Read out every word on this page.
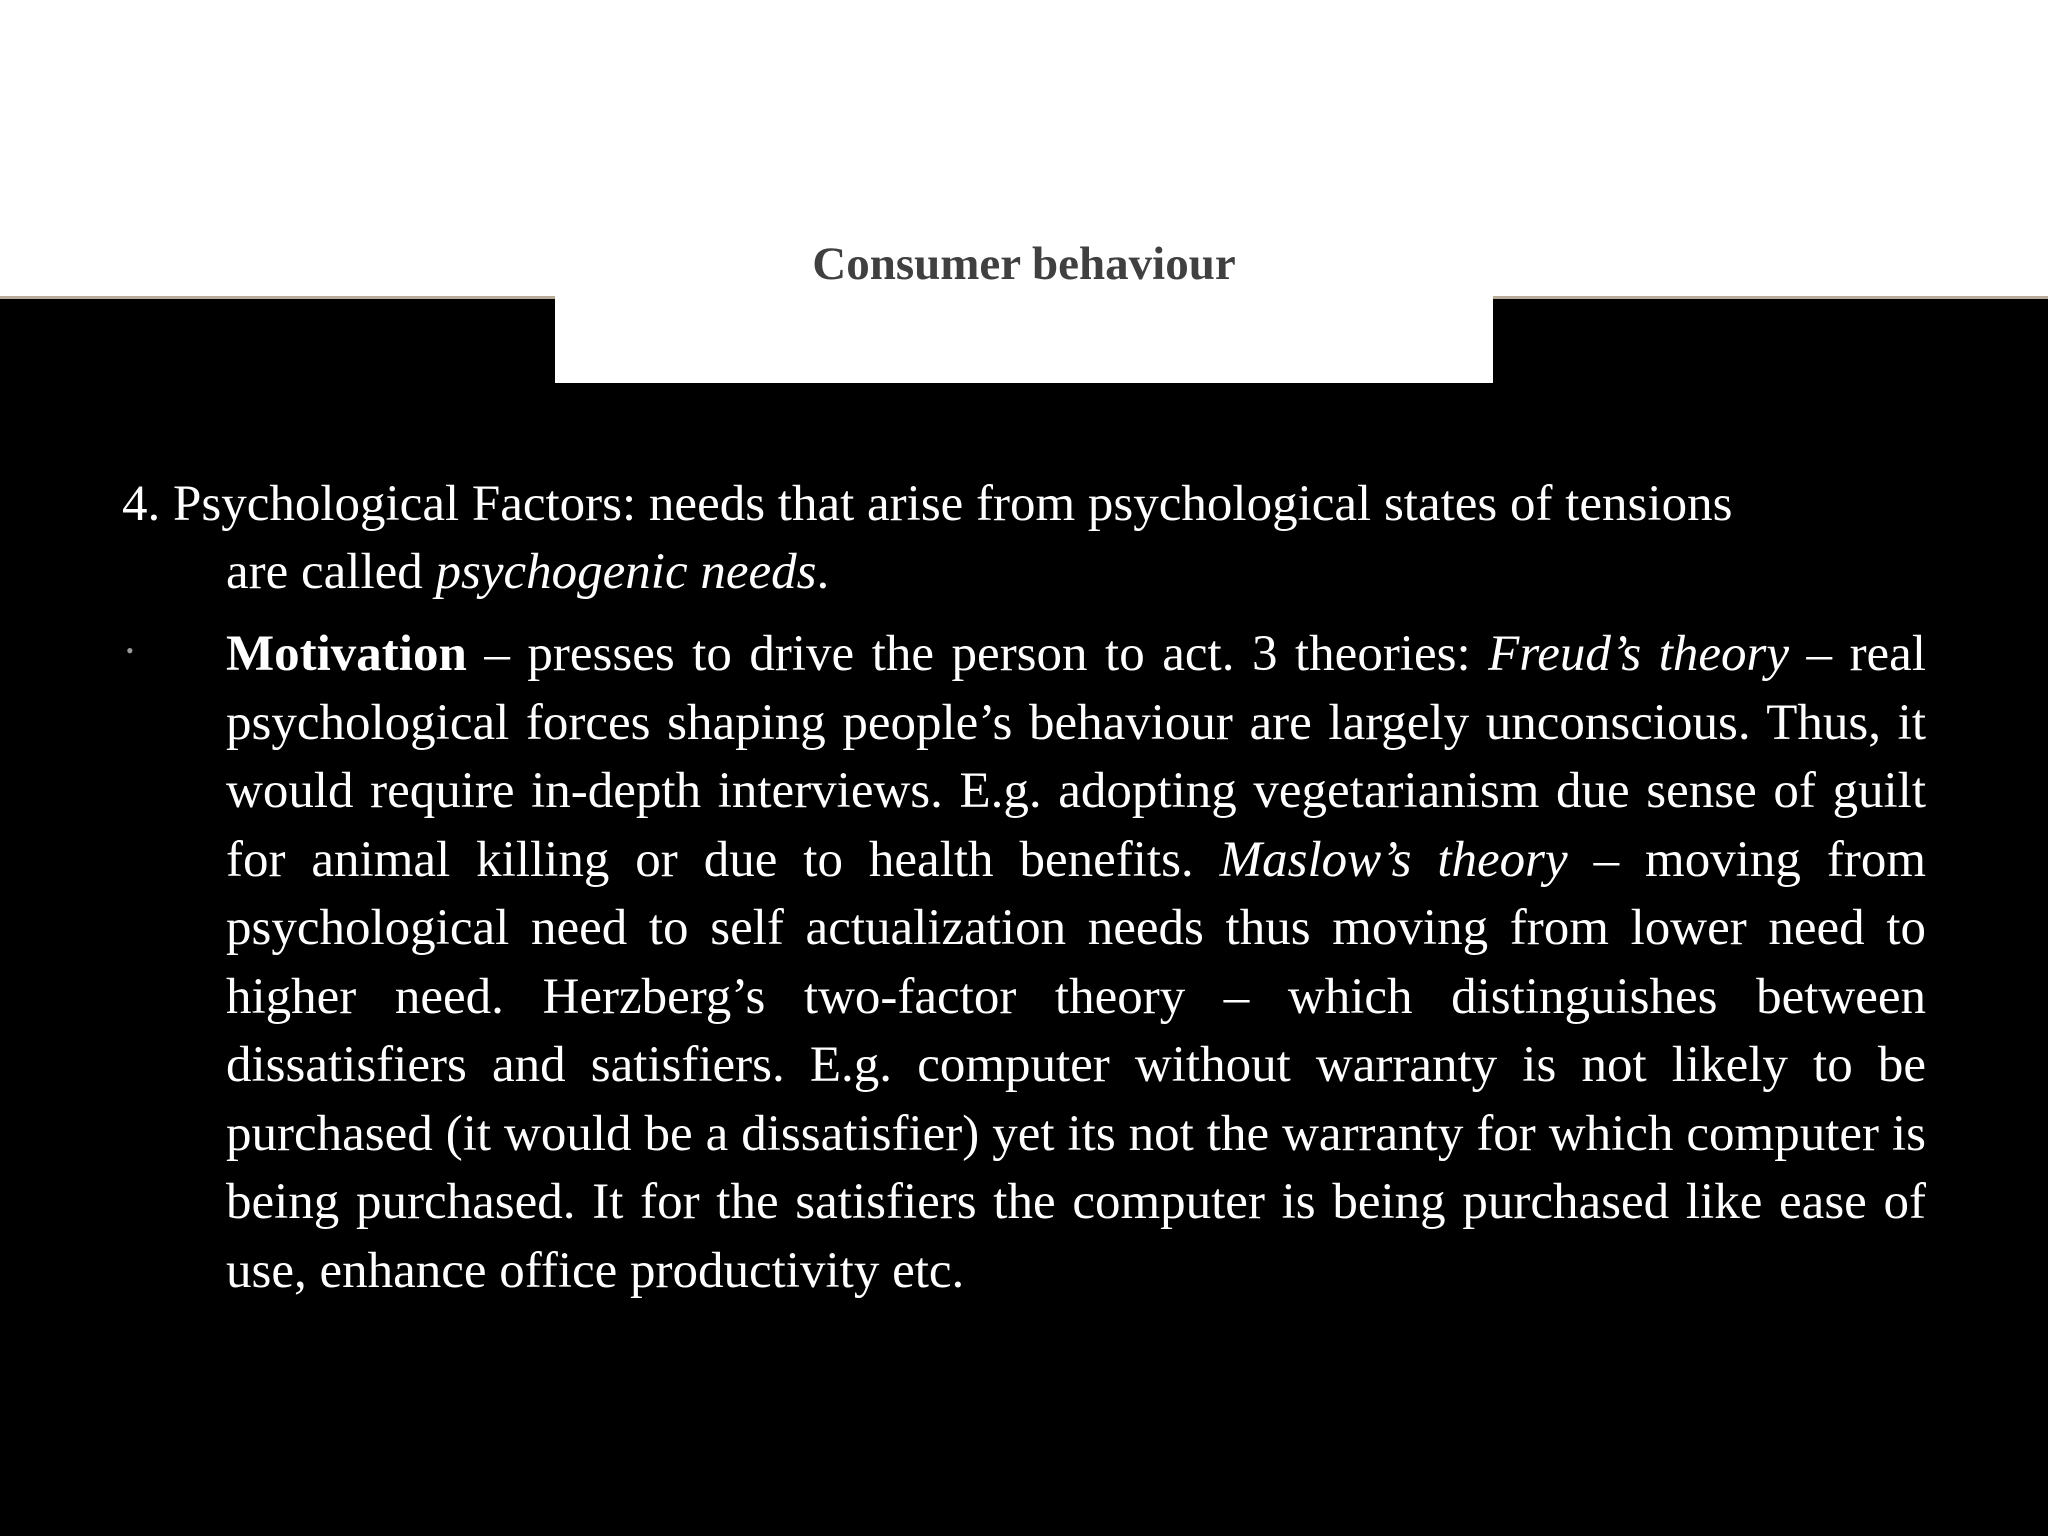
Consumer behaviour
4. Psychological Factors: needs that arise from psychological states of tensions
are called psychogenic needs.
• Motivation – presses to drive the person to act. 3 theories: Freud’s theory – real psychological forces shaping people’s behaviour are largely unconscious. Thus, it would require in-depth interviews. E.g. adopting vegetarianism due sense of guilt for animal killing or due to health benefits. Maslow’s theory – moving from psychological need to self actualization needs thus moving from lower need to higher need. Herzberg’s two-factor theory – which distinguishes between dissatisfiers and satisfiers. E.g. computer without warranty is not likely to be purchased (it would be a dissatisfier) yet its not the warranty for which computer is being purchased. It for the satisfiers the computer is being purchased like ease of use, enhance office productivity etc.
